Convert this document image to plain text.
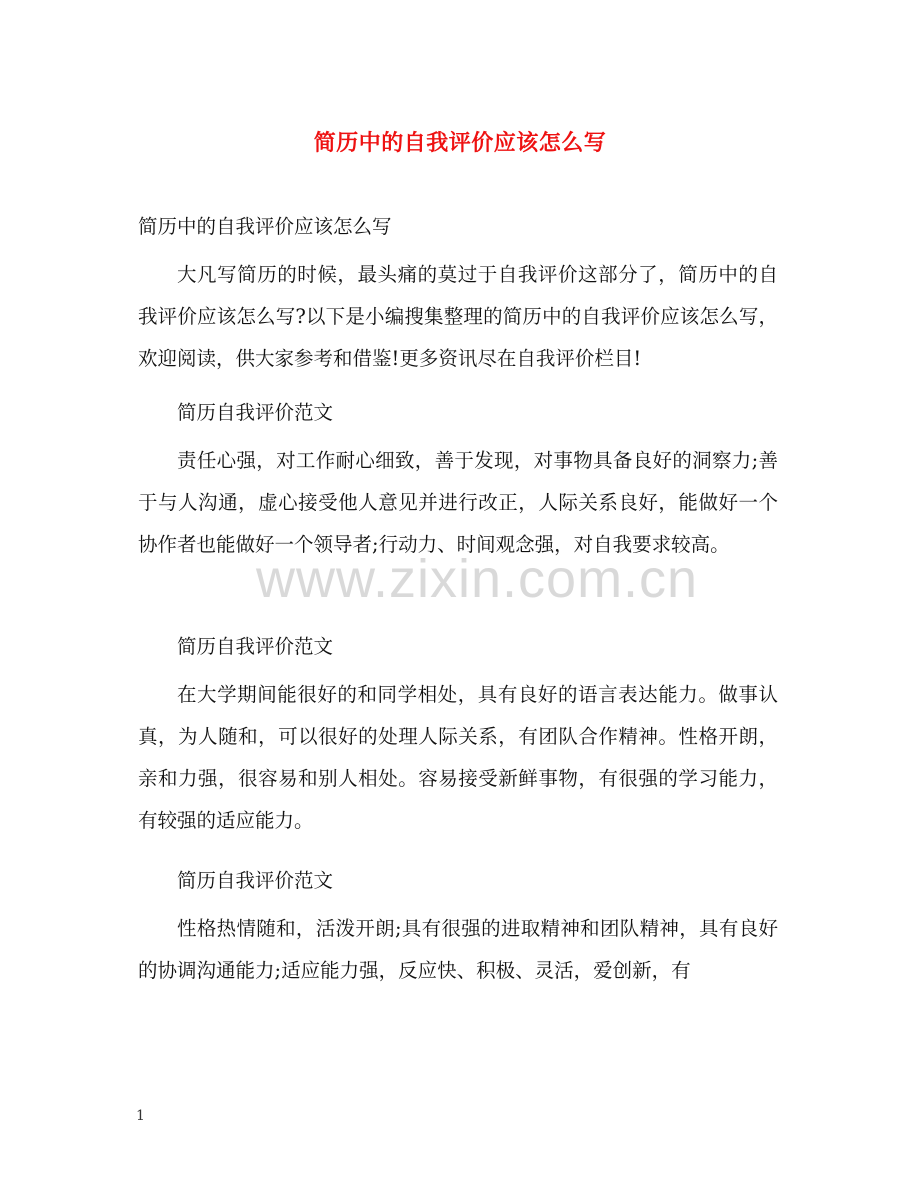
简历中的自我评价应该怎么写
简历中的自我评价应该怎么写
大凡写简历的时候，最头痛的莫过于自我评价这部分了，简历中的自我评价应该怎么写?以下是小编搜集整理的简历中的自我评价应该怎么写，欢迎阅读，供大家参考和借鉴!更多资讯尽在自我评价栏目!
简历自我评价范文
责任心强，对工作耐心细致，善于发现，对事物具备良好的洞察力;善于与人沟通，虚心接受他人意见并进行改正，人际关系良好，能做好一个协作者也能做好一个领导者;行动力、时间观念强，对自我要求较高。
简历自我评价范文
在大学期间能很好的和同学相处，具有良好的语言表达能力。做事认真，为人随和，可以很好的处理人际关系，有团队合作精神。性格开朗，亲和力强，很容易和别人相处。容易接受新鲜事物，有很强的学习能力，有较强的适应能力。
简历自我评价范文
性格热情随和，活泼开朗;具有很强的进取精神和团队精神，具有良好的协调沟通能力;适应能力强，反应快、积极、灵活，爱创新，有
www.zixin.com.cn
1
